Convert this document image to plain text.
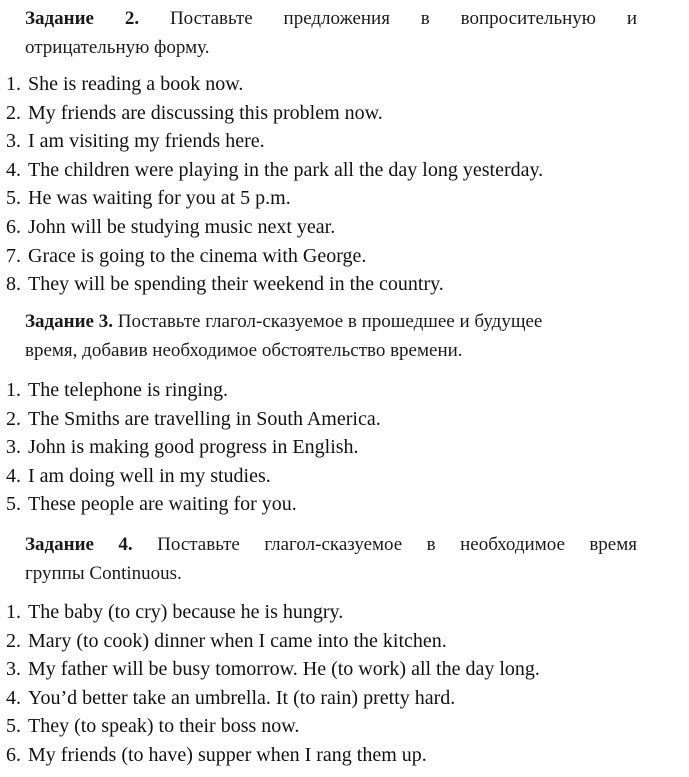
Задание 2. Поставьте предложения в вопросительную и
отрицательную форму.
1. She is reading a book now.
2. My friends are discussing this problem now.
3. I am visiting my friends here.
4. The children were playing in the park all the day long yesterday.
5. He was waiting for you at 5 p.m.
6. John will be studying music next year.
7. Grace is going to the cinema with George.
8. They will be spending their weekend in the country.
Задание 3. Поставьте глагол-сказуемое в прошедшее и будущее
время, добавив необходимое обстоятельство времени.
1. The telephone is ringing.
2. The Smiths are travelling in South America.
3. John is making good progress in English.
4. I am doing well in my studies.
5. These people are waiting for you.
Задание 4. Поставьте глагол-сказуемое в необходимое время
группы Continuous.
1. The baby (to cry) because he is hungry.
2. Mary (to cook) dinner when I came into the kitchen.
3. My father will be busy tomorrow. He (to work) all the day long.
4. You’d better take an umbrella. It (to rain) pretty hard.
5. They (to speak) to their boss now.
6. My friends (to have) supper when I rang them up.
